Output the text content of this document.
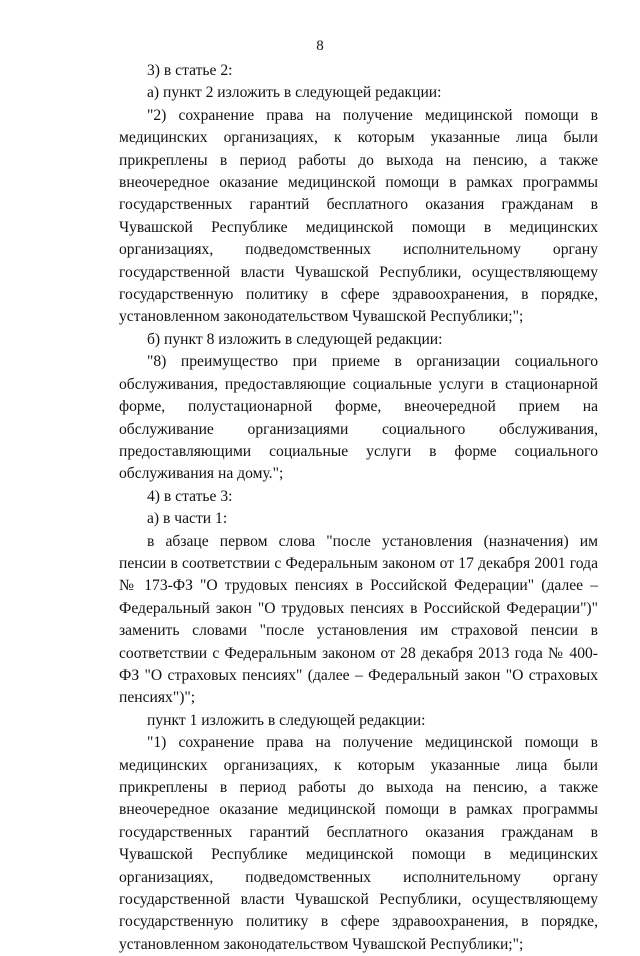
8

3) в статье 2:

а) пункт 2 изложить в следующей редакции:

"2) сохранение права на получение медицинской помощи в медицинских организациях, к которым указанные лица были прикреплены в период работы до выхода на пенсию, а также внеочередное оказание медицинской помощи в рамках программы государственных гарантий бесплатного оказания гражданам в Чувашской Республике медицинской помощи в медицинских организациях, подведомственных исполнительному органу государственной власти Чувашской Республики, осуществляющему государственную политику в сфере здравоохранения, в порядке, установленном законодательством Чувашской Республики;";

б) пункт 8 изложить в следующей редакции:

"8) преимущество при приеме в организации социального обслуживания, предоставляющие социальные услуги в стационарной форме, полустационарной форме, внеочередной прием на обслуживание организациями социального обслуживания, предоставляющими социальные услуги в форме социального обслуживания на дому.";

4) в статье 3:

а) в части 1:

в абзаце первом слова "после установления (назначения) им пенсии в соответствии с Федеральным законом от 17 декабря 2001 года № 173-ФЗ "О трудовых пенсиях в Российской Федерации" (далее – Федеральный закон "О трудовых пенсиях в Российской Федерации")" заменить словами "после установления им страховой пенсии в соответствии с Федеральным законом от 28 декабря 2013 года № 400-ФЗ "О страховых пенсиях" (далее – Федеральный закон "О страховых пенсиях")";

пункт 1 изложить в следующей редакции:

"1) сохранение права на получение медицинской помощи в медицинских организациях, к которым указанные лица были прикреплены в период работы до выхода на пенсию, а также внеочередное оказание медицинской помощи в рамках программы государственных гарантий бесплатного оказания гражданам в Чувашской Республике медицинской помощи в медицинских организациях, подведомственных исполнительному органу государственной власти Чувашской Республики, осуществляющему государственную политику в сфере здравоохранения, в порядке, установленном законодательством Чувашской Республики;";
